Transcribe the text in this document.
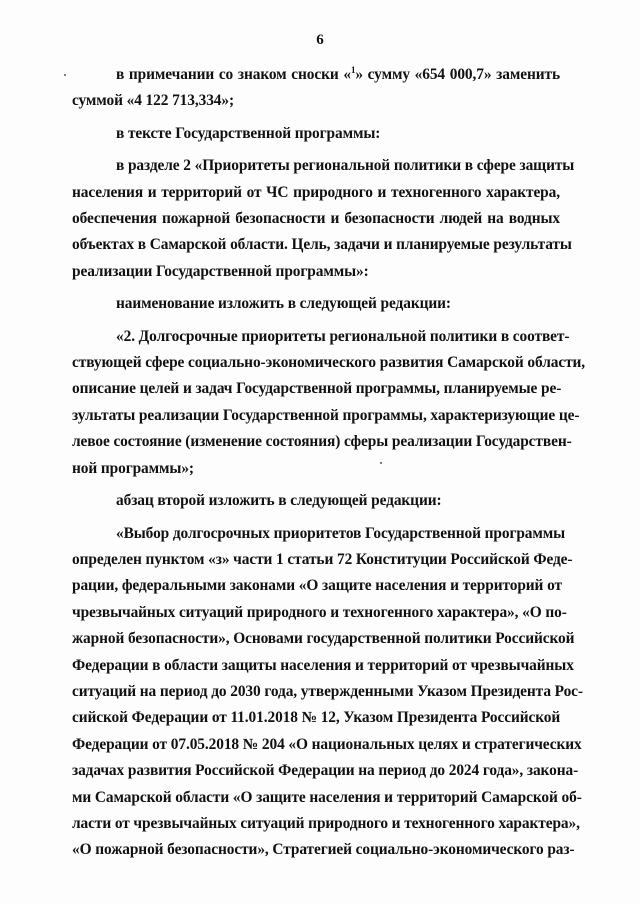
6
в примечании со знаком сноски «$^1$» сумму «654 000,7» заменить
суммой «4 122 713,334»;
в тексте Государственной программы:
в разделе 2 «Приоритеты региональной политики в сфере защиты
населения и территорий от ЧС природного и техногенного характера,
обеспечения пожарной безопасности и безопасности людей на водных
объектах в Самарской области. Цель, задачи и планируемые результаты
реализации Государственной программы»:
наименование изложить в следующей редакции:
«2. Долгосрочные приоритеты региональной политики в соответ-
ствующей сфере социально-экономического развития Самарской области,
описание целей и задач Государственной программы, планируемые ре-
зультаты реализации Государственной программы, характеризующие це-
левое состояние (изменение состояния) сферы реализации Государствен-
ной программы»;
абзац второй изложить в следующей редакции:
«Выбор долгосрочных приоритетов Государственной программы
определен пунктом «з» части 1 статьи 72 Конституции Российской Феде-
рации, федеральными законами «О защите населения и территорий от
чрезвычайных ситуаций природного и техногенного характера», «О по-
жарной безопасности», Основами государственной политики Российской
Федерации в области защиты населения и территорий от чрезвычайных
ситуаций на период до 2030 года, утвержденными Указом Президента Рос-
сийской Федерации от 11.01.2018 № 12, Указом Президента Российской
Федерации от 07.05.2018 № 204 «О национальных целях и стратегических
задачах развития Российской Федерации на период до 2024 года», закона-
ми Самарской области «О защите населения и территорий Самарской об-
ласти от чрезвычайных ситуаций природного и техногенного характера»,
«О пожарной безопасности», Стратегией социально-экономического раз-
